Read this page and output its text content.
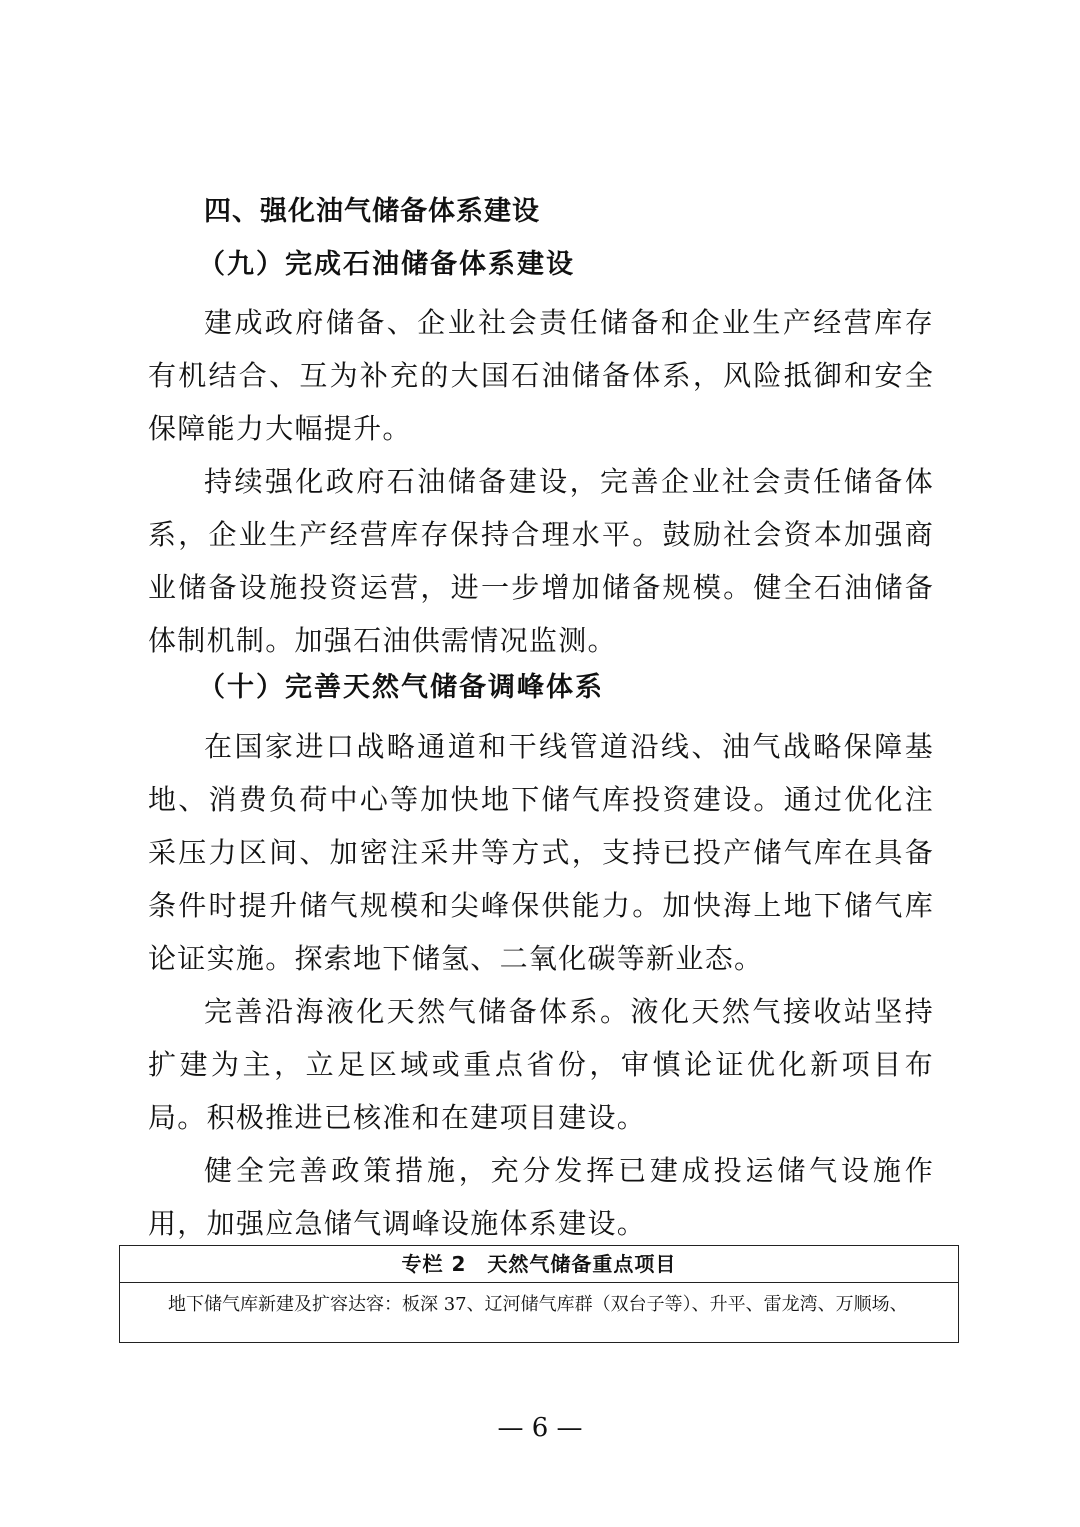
四、强化油气储备体系建设
（九）完成石油储备体系建设

建成政府储备、企业社会责任储备和企业生产经营库存有机结合、互为补充的大国石油储备体系，风险抵御和安全保障能力大幅提升。

持续强化政府石油储备建设，完善企业社会责任储备体系，企业生产经营库存保持合理水平。鼓励社会资本加强商业储备设施投资运营，进一步增加储备规模。健全石油储备体制机制。加强石油供需情况监测。

（十）完善天然气储备调峰体系

在国家进口战略通道和干线管道沿线、油气战略保障基地、消费负荷中心等加快地下储气库投资建设。通过优化注采压力区间、加密注采井等方式，支持已投产储气库在具备条件时提升储气规模和尖峰保供能力。加快海上地下储气库论证实施。探索地下储氢、二氧化碳等新业态。

完善沿海液化天然气储备体系。液化天然气接收站坚持扩建为主，立足区域或重点省份，审慎论证优化新项目布局。积极推进已核准和在建项目建设。

健全完善政策措施，充分发挥已建成投运储气设施作用，加强应急储气调峰设施体系建设。

专栏 2　天然气储备重点项目
地下储气库新建及扩容达容：板深 37、辽河储气库群（双台子等）、升平、雷龙湾、万顺场、
— 6 —
